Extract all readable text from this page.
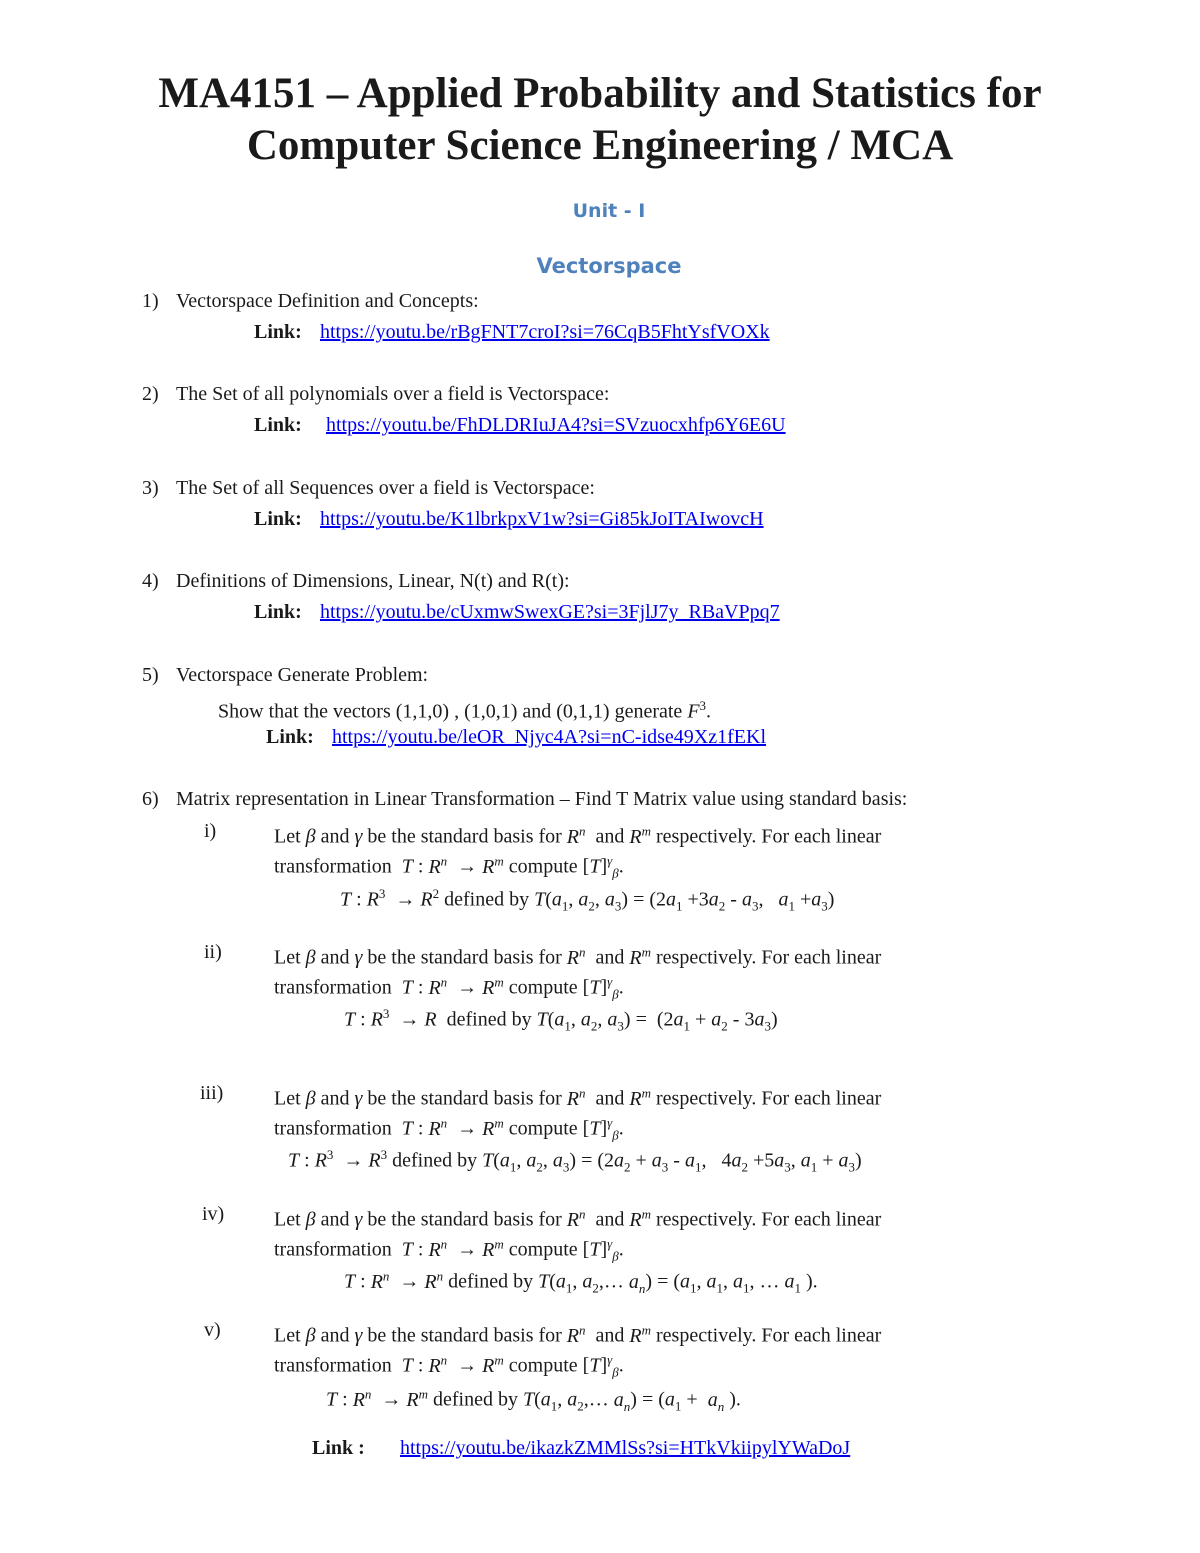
MA4151 – Applied Probability and Statistics for
Computer Science Engineering / MCA
Unit - I
Vectorspace
1) Vectorspace Definition and Concepts:
Link: https://youtu.be/rBgFNT7croI?si=76CqB5FhtYsfVOXk
2) The Set of all polynomials over a field is Vectorspace:
Link: https://youtu.be/FhDLDRIuJA4?si=SVzuocxhfp6Y6E6U
3) The Set of all Sequences over a field is Vectorspace:
Link: https://youtu.be/K1lbrkpxV1w?si=Gi85kJoITAIwovcH
4) Definitions of Dimensions, Linear, N(t) and R(t):
Link: https://youtu.be/cUxmwSwexGE?si=3FjlJ7y_RBaVPpq7
5) Vectorspace Generate Problem:
Show that the vectors (1,1,0) , (1,0,1) and (0,1,1) generate $F^3$.
Link: https://youtu.be/leOR_Njyc4A?si=nC-idse49Xz1fEKl
6) Matrix representation in Linear Transformation – Find T Matrix value using standard basis:
i)	Let β and γ be the standard basis for $R^n$  and $R^m$ respectively. For each linear
transformation T : $R^n \to R^m$ compute $[T]^\gamma_\beta$.
T : $R^3 \to R^2$ defined by $T(a_1$, $a_2$, $a_3) = (2a_1 +3a_2 - a_3$,   $a_1 +a_3$)
ii)	Let β and γ be the standard basis for $R^n$  and $R^m$ respectively. For each linear
transformation T : $R^n \to R^m$ compute $[T]^\gamma_\beta$.
T : $R^3 \to R$ defined by $T(a_1$, $a_2$, $a_3) = (2a_1 + a_2 - 3a_3)$
iii)	Let β and γ be the standard basis for $R^n$  and $R^m$ respectively. For each linear
transformation T : $R^n \to R^m$ compute $[T]^\gamma_\beta$.
T : $R^3 \to R^3$ defined by $T(a_1$, $a_2$, $a_3) = (2a_2 + a_3 - a_1$,   $4a_2 +5a_3$, $a_1 + a_3$)
iv) Let β and γ be the standard basis for $R^n$  and $R^m$ respectively. For each linear
transformation T : $R^n \to R^m$ compute $[T]^\gamma_\beta$.
T : $R^n \to R^n$ defined by $T(a_1$, $a_2,\dots$ $a_n) = (a_1$, $a_1$, $a_1$, … $a_1$ ).
v)	Let β and γ be the standard basis for $R^n$  and $R^m$ respectively. For each linear
transformation T : $R^n \to R^m$ compute $[T]^\gamma_\beta$.
T : $R^n \to R^m$ defined by $T(a_1$, $a_2,\dots$ $a_n) = (a_1 + a_n$ ).
Link : https://youtu.be/ikazkZMMlSs?si=HTkVkiipylYWaDoJ
